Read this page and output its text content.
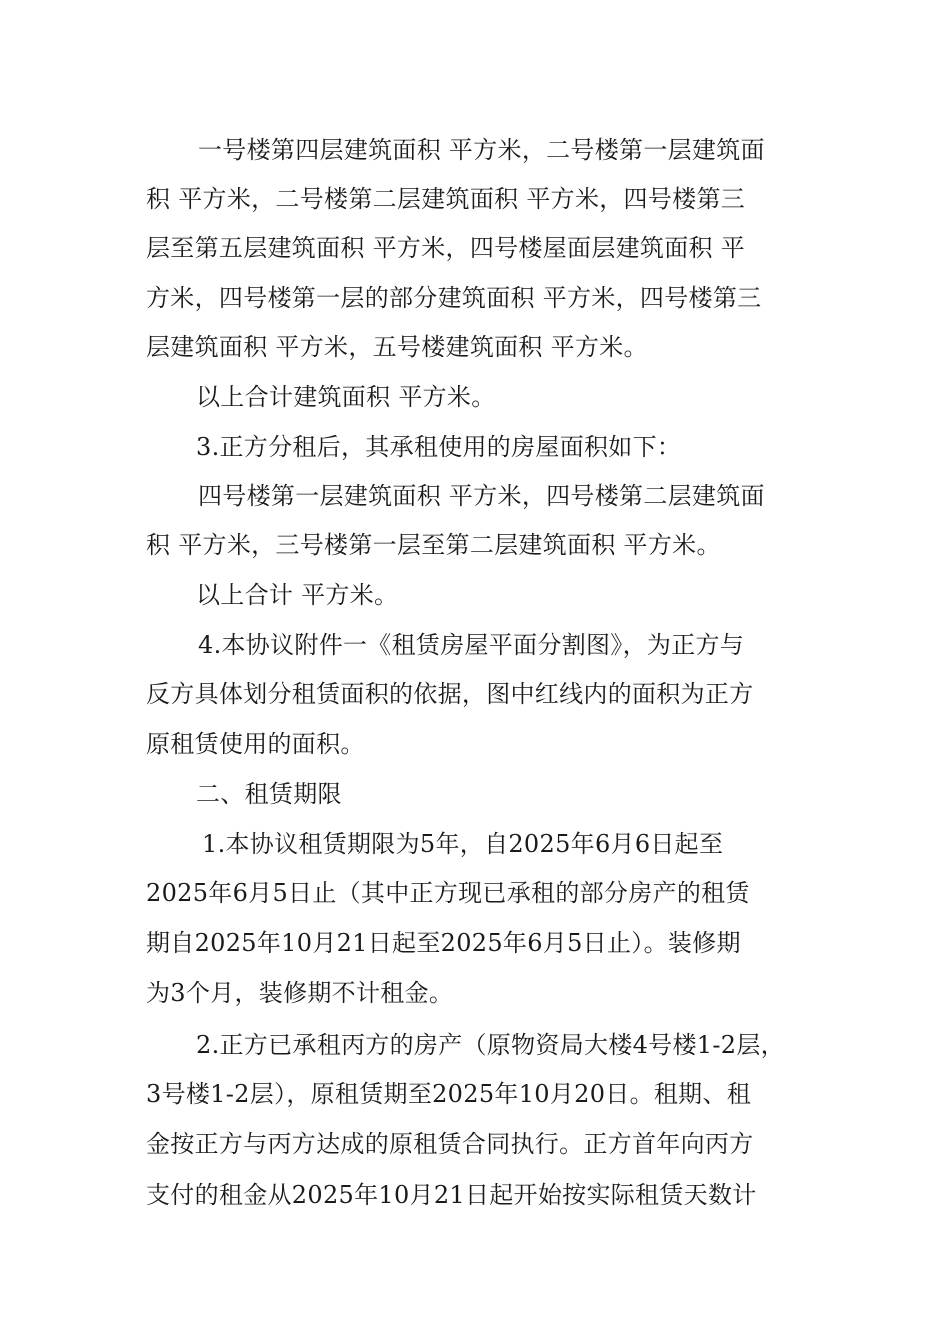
一号楼第四层建筑面积 平方米，二号楼第一层建筑面
积 平方米，二号楼第二层建筑面积 平方米，四号楼第三
层至第五层建筑面积 平方米，四号楼屋面层建筑面积 平
方米，四号楼第一层的部分建筑面积 平方米，四号楼第三
层建筑面积 平方米，五号楼建筑面积 平方米。
以上合计建筑面积 平方米。
3.正方分租后，其承租使用的房屋面积如下：
四号楼第一层建筑面积 平方米，四号楼第二层建筑面
积 平方米，三号楼第一层至第二层建筑面积 平方米。
以上合计 平方米。
4.本协议附件一《租赁房屋平面分割图》，为正方与
反方具体划分租赁面积的依据，图中红线内的面积为正方
原租赁使用的面积。
二、租赁期限
1.本协议租赁期限为5年，自2025年6月6日起至
2025年6月5日止（其中正方现已承租的部分房产的租赁
期自2025年10月21日起至2025年6月5日止）。装修期
为3个月，装修期不计租金。
2.正方已承租丙方的房产（原物资局大楼4号楼1-2层，
3号楼1-2层），原租赁期至2025年10月20日。租期、租
金按正方与丙方达成的原租赁合同执行。正方首年向丙方
支付的租金从2025年10月21日起开始按实际租赁天数计
